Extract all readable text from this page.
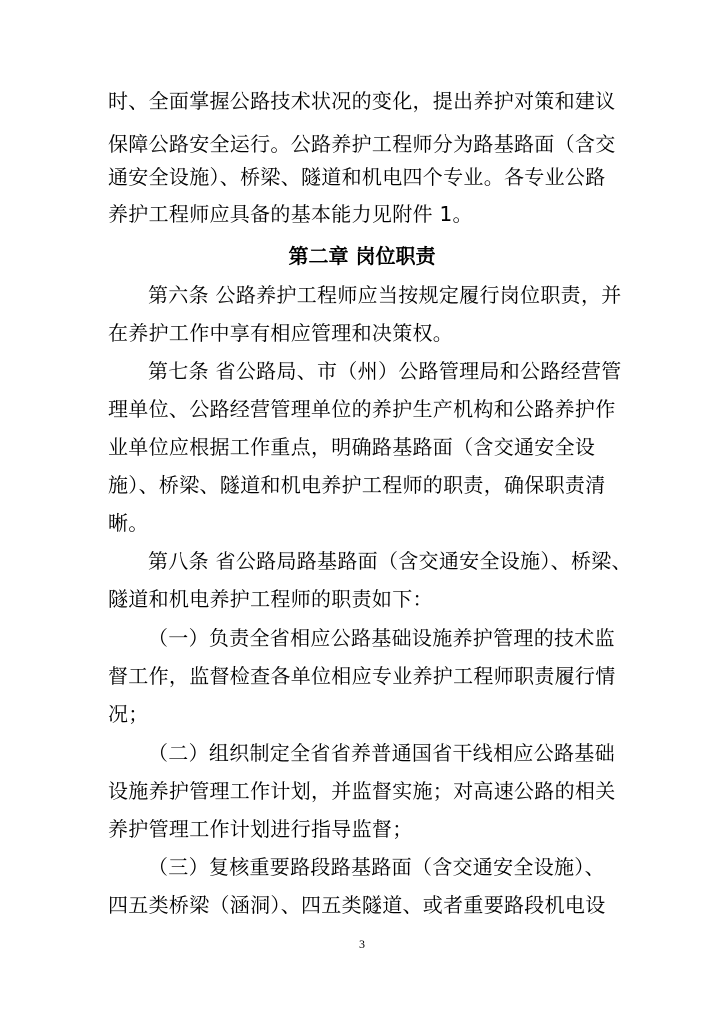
时、全面掌握公路技术状况的变化，提出养护对策和建议
保障公路安全运行。公路养护工程师分为路基路面（含交
通安全设施）、桥梁、隧道和机电四个专业。各专业公路
养护工程师应具备的基本能力见附件 1。
第二章 岗位职责
第六条 公路养护工程师应当按规定履行岗位职责，并
在养护工作中享有相应管理和决策权。
第七条 省公路局、市（州）公路管理局和公路经营管
理单位、公路经营管理单位的养护生产机构和公路养护作
业单位应根据工作重点，明确路基路面（含交通安全设
施）、桥梁、隧道和机电养护工程师的职责，确保职责清
晰。
第八条 省公路局路基路面（含交通安全设施）、桥梁、
隧道和机电养护工程师的职责如下：
（一）负责全省相应公路基础设施养护管理的技术监
督工作，监督检查各单位相应专业养护工程师职责履行情
况；
（二）组织制定全省省养普通国省干线相应公路基础
设施养护管理工作计划，并监督实施；对高速公路的相关
养护管理工作计划进行指导监督；
（三）复核重要路段路基路面（含交通安全设施）、
四五类桥梁（涵洞）、四五类隧道、或者重要路段机电设
3
